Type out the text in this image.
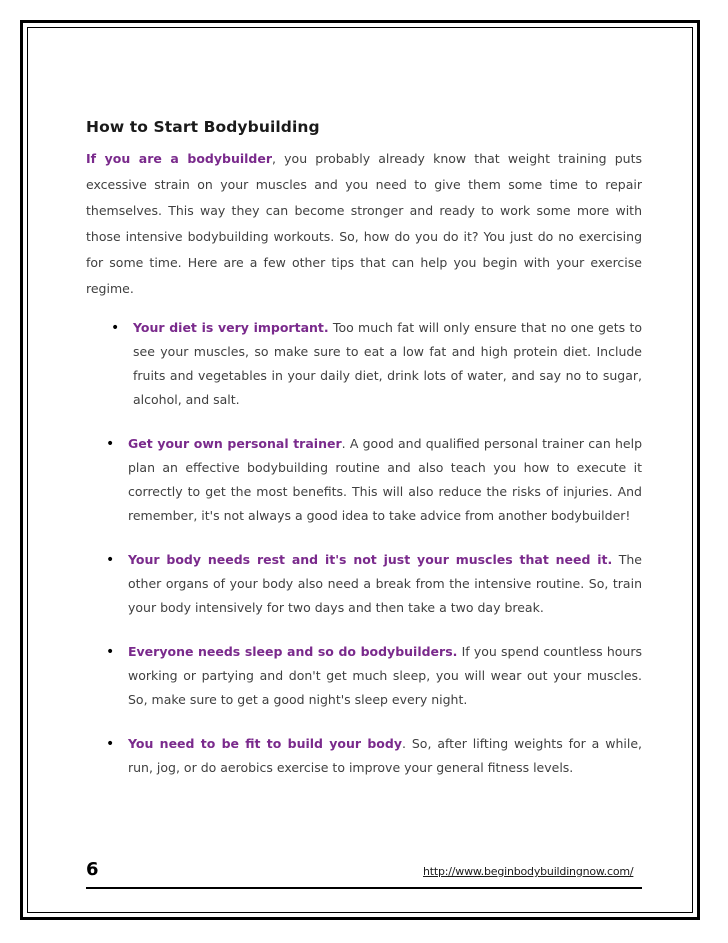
How to Start Bodybuilding

If you are a bodybuilder, you probably already know that weight training puts excessive strain on your muscles and you need to give them some time to repair themselves. This way they can become stronger and ready to work some more with those intensive bodybuilding workouts. So, how do you do it? You just do no exercising for some time. Here are a few other tips that can help you begin with your exercise regime.

• Your diet is very important. Too much fat will only ensure that no one gets to see your muscles, so make sure to eat a low fat and high protein diet. Include fruits and vegetables in your daily diet, drink lots of water, and say no to sugar, alcohol, and salt.
• Get your own personal trainer. A good and qualified personal trainer can help plan an effective bodybuilding routine and also teach you how to execute it correctly to get the most benefits. This will also reduce the risks of injuries. And remember, it's not always a good idea to take advice from another bodybuilder!
• Your body needs rest and it's not just your muscles that need it. The other organs of your body also need a break from the intensive routine. So, train your body intensively for two days and then take a two day break.
• Everyone needs sleep and so do bodybuilders. If you spend countless hours working or partying and don't get much sleep, you will wear out your muscles. So, make sure to get a good night's sleep every night.
• You need to be fit to build your body. So, after lifting weights for a while, run, jog, or do aerobics exercise to improve your general fitness levels.
6	http://www.beginbodybuildingnow.com/
